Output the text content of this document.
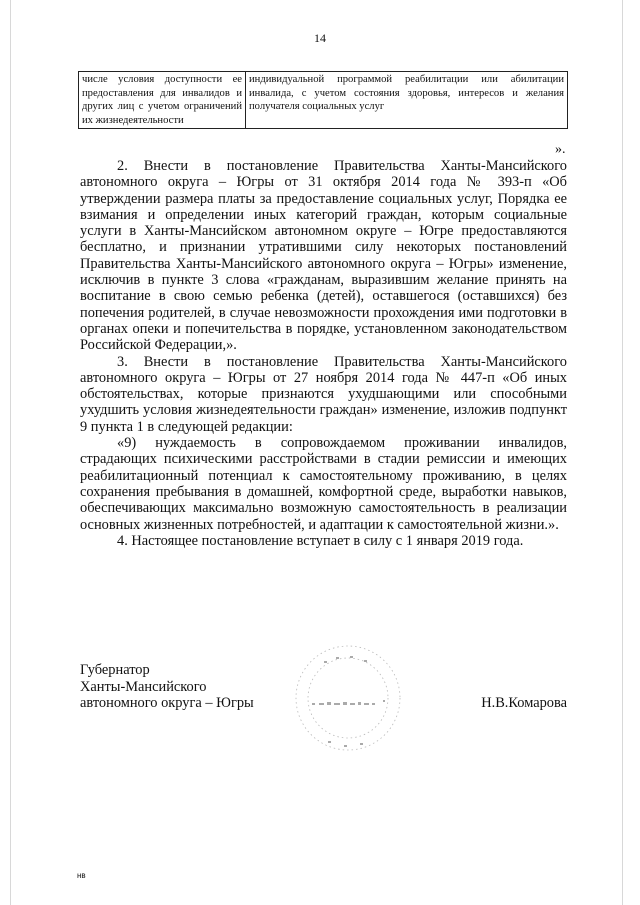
14
числе условия доступности ее предоставления для инвалидов и других лиц с учетом ограничений их жизнедеятельности	индивидуальной программой реабилитации или абилитации инвалида, с учетом состояния здоровья, интересов и желания получателя социальных услуг
».

2. Внести в постановление Правительства Ханты-Мансийского автономного округа – Югры от 31 октября 2014 года № 393-п «Об утверждении размера платы за предоставление социальных услуг, Порядка ее взимания и определении иных категорий граждан, которым социальные услуги в Ханты-Мансийском автономном округе – Югре предоставляются бесплатно, и признании утратившими силу некоторых постановлений Правительства Ханты-Мансийского автономного округа – Югры» изменение, исключив в пункте 3 слова «гражданам, выразившим желание принять на воспитание в свою семью ребенка (детей), оставшегося (оставшихся) без попечения родителей, в случае невозможности прохождения ими подготовки в органах опеки и попечительства в порядке, установленном законодательством Российской Федерации,».

3. Внести в постановление Правительства Ханты-Мансийского автономного округа – Югры от 27 ноября 2014 года № 447-п «Об иных обстоятельствах, которые признаются ухудшающими или способными ухудшить условия жизнедеятельности граждан» изменение, изложив подпункт 9 пункта 1 в следующей редакции:

«9) нуждаемость в сопровождаемом проживании инвалидов, страдающих психическими расстройствами в стадии ремиссии и имеющих реабилитационный потенциал к самостоятельному проживанию, в целях сохранения пребывания в домашней, комфортной среде, выработки навыков, обеспечивающих максимально возможную самостоятельность в реализации основных жизненных потребностей, и адаптации к самостоятельной жизни.».

4. Настоящее постановление вступает в силу с 1 января 2019 года.

Губернатор
Ханты-Мансийского
автономного округа – Югры	Н.В.Комарова
нв
